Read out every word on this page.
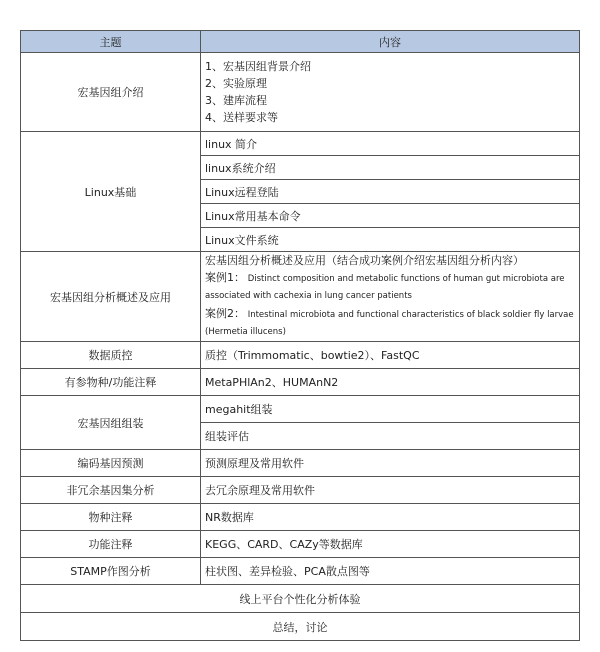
主题	内容
宏基因组介绍	1、宏基因组背景介绍
2、实验原理
3、建库流程
4、送样要求等

Linux基础	linux 简介
	linux系统介绍
	Linux远程登陆
	Linux常用基本命令
	Linux文件系统
宏基因组分析概述及应用	宏基因组分析概述及应用（结合成功案例介绍宏基因组分析内容）
案例1： Distinct composition and metabolic functions of human gut microbiota are
associated with cachexia in lung cancer patients
案例2： Intestinal microbiota and functional characteristics of black soldier fly larvae
(Hermetia illucens)

数据质控	质控（Trimmomatic、bowtie2）、FastQC
有参物种/功能注释	MetaPHlAn2、HUMAnN2
宏基因组组装	megahit组装
	组装评估
编码基因预测	预测原理及常用软件
非冗余基因集分析	去冗余原理及常用软件
物种注释	NR数据库
功能注释	KEGG、CARD、CAZy等数据库
STAMP作图分析	柱状图、差异检验、PCA散点图等
线上平台个性化分析体验	
总结，讨论	
